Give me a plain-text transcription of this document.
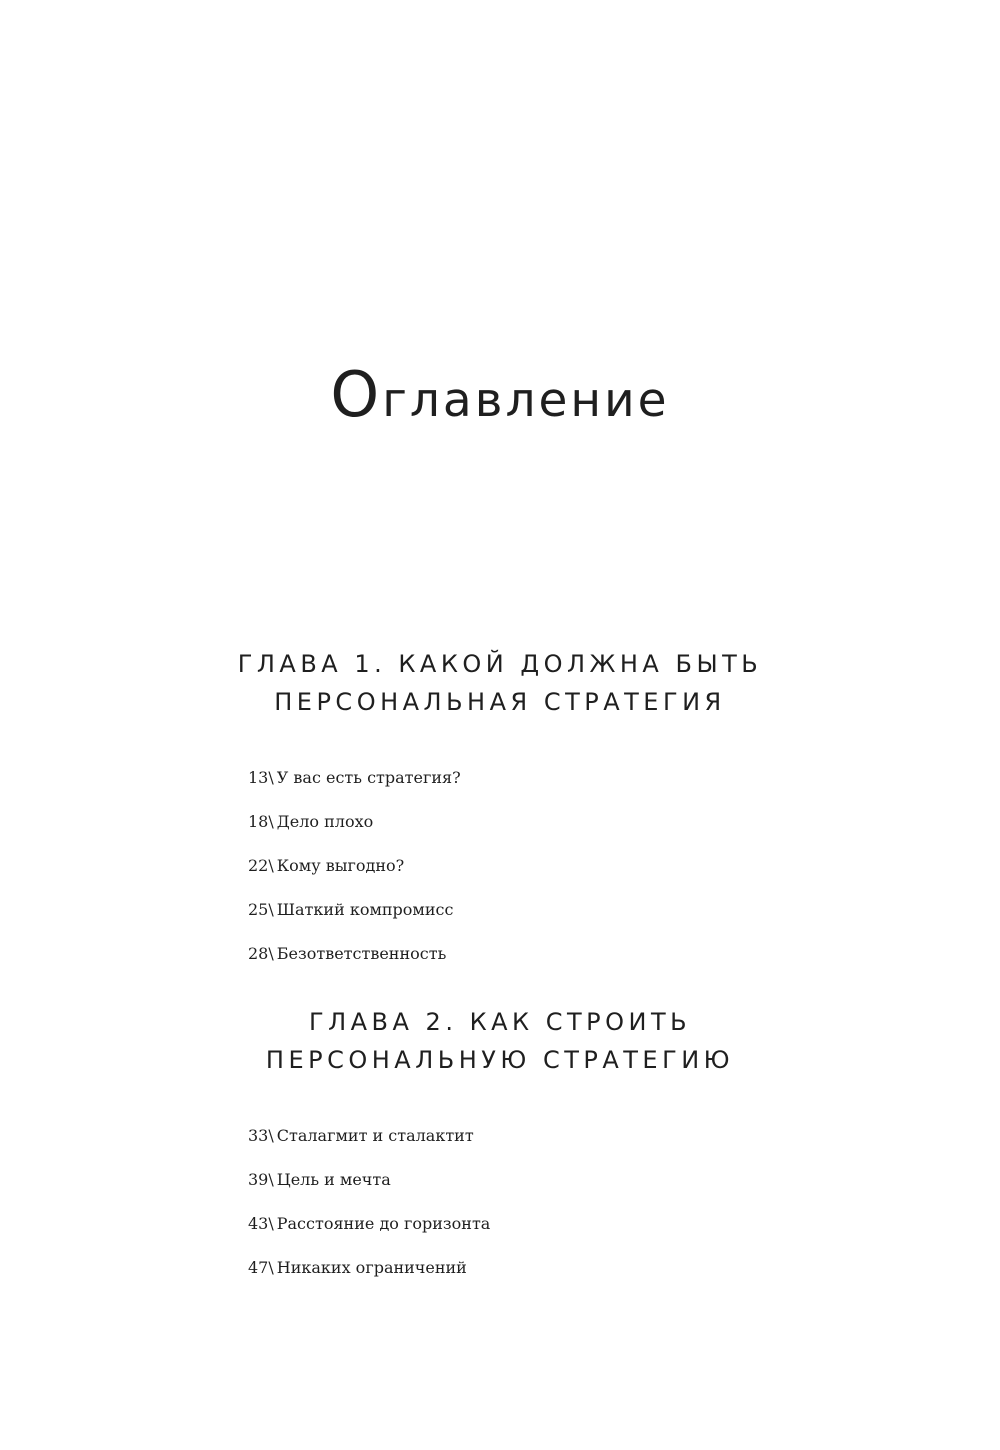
Оглавление
ГЛАВА 1. КАКОЙ ДОЛЖНА БЫТЬ
ПЕРСОНАЛЬНАЯ СТРАТЕГИЯ
13\ У вас есть стратегия?
18\ Дело плохо
22\ Кому выгодно?
25\ Шаткий компромисс
28\ Безответственность
ГЛАВА 2. КАК СТРОИТЬ
ПЕРСОНАЛЬНУЮ СТРАТЕГИЮ
33\ Сталагмит и сталактит
39\ Цель и мечта
43\ Расстояние до горизонта
47\ Никаких ограничений
